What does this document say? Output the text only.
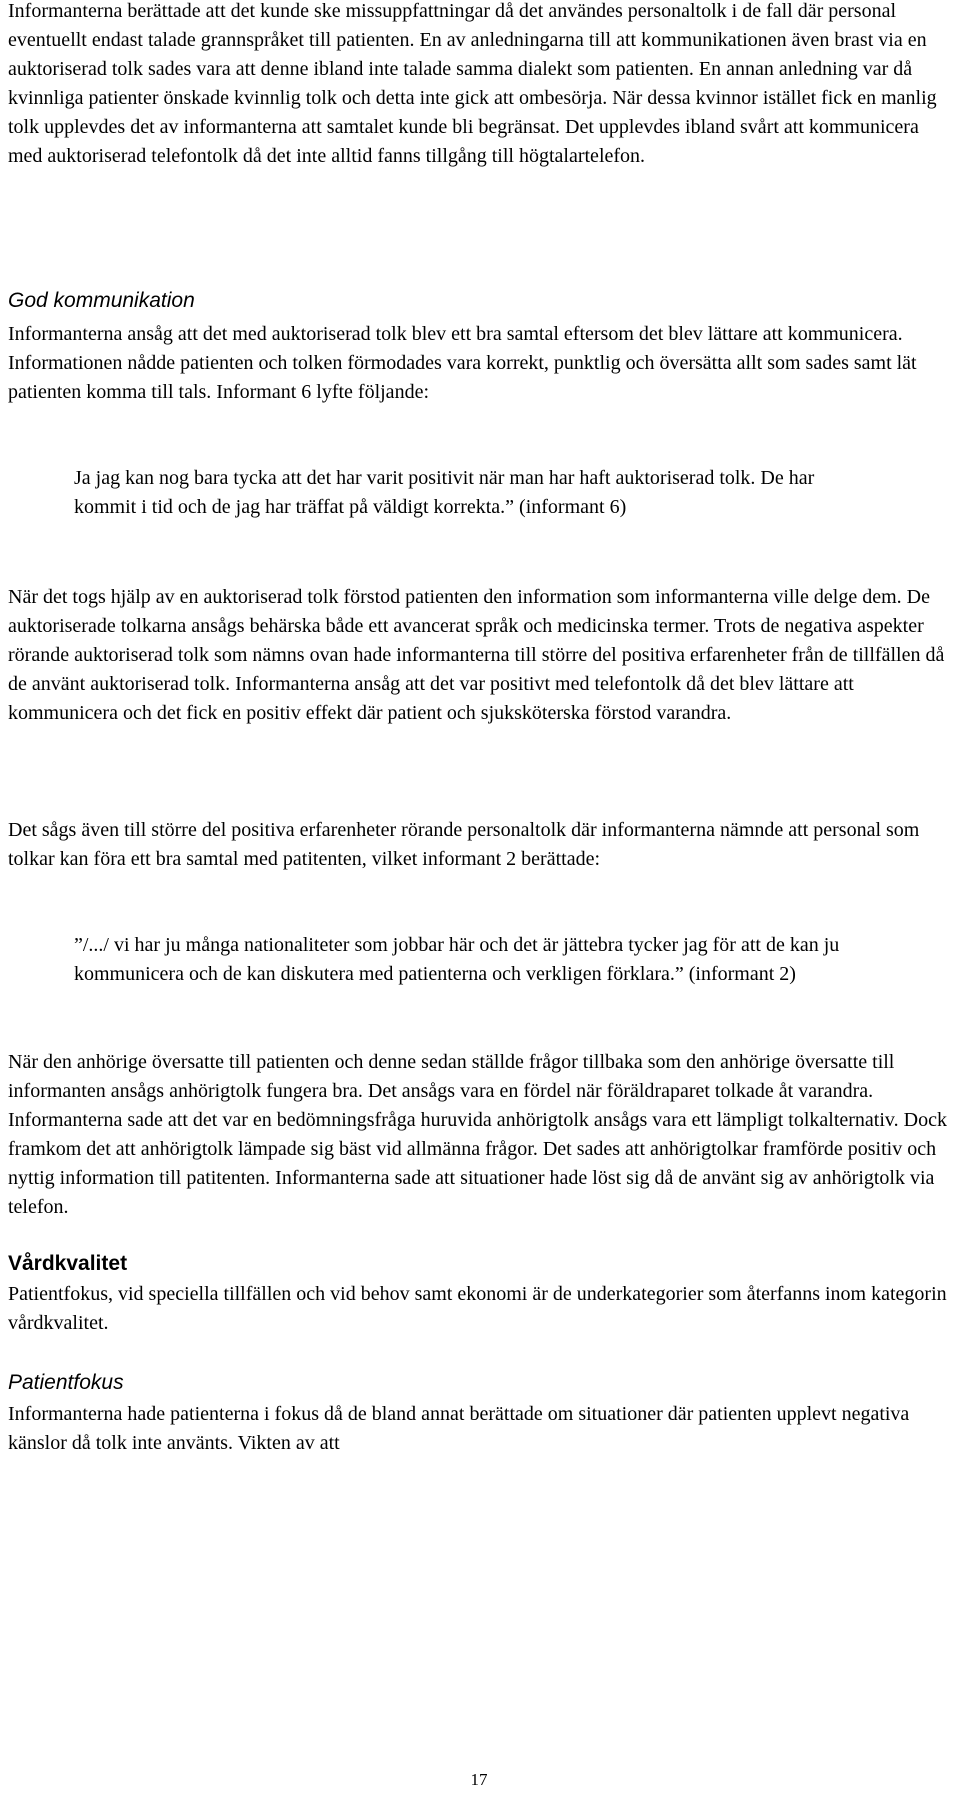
Informanterna berättade att det kunde ske missuppfattningar då det användes personaltolk i de fall där personal eventuellt endast talade grannspråket till patienten. En av anledningarna till att kommunikationen även brast via en auktoriserad tolk sades vara att denne ibland inte talade samma dialekt som patienten. En annan anledning var då kvinnliga patienter önskade kvinnlig tolk och detta inte gick att ombesörja. När dessa kvinnor istället fick en manlig tolk upplevdes det av informanterna att samtalet kunde bli begränsat. Det upplevdes ibland svårt att kommunicera med auktoriserad telefontolk då det inte alltid fanns tillgång till högtalartelefon.

God kommunikation

Informanterna ansåg att det med auktoriserad tolk blev ett bra samtal eftersom det blev lättare att kommunicera. Informationen nådde patienten och tolken förmodades vara korrekt, punktlig och översätta allt som sades samt lät patienten komma till tals. Informant 6 lyfte följande:

Ja jag kan nog bara tycka att det har varit positivit när man har haft auktoriserad tolk. De har kommit i tid och de jag har träffat på väldigt korrekta.” (informant 6)

När det togs hjälp av en auktoriserad tolk förstod patienten den information som informanterna ville delge dem. De auktoriserade tolkarna ansågs behärska både ett avancerat språk och medicinska termer. Trots de negativa aspekter rörande auktoriserad tolk som nämns ovan hade informanterna till större del positiva erfarenheter från de tillfällen då de använt auktoriserad tolk. Informanterna ansåg att det var positivt med telefontolk då det blev lättare att kommunicera och det fick en positiv effekt där patient och sjuksköterska förstod varandra.

Det sågs även till större del positiva erfarenheter rörande personaltolk där informanterna nämnde att personal som tolkar kan föra ett bra samtal med patitenten, vilket informant 2 berättade:

”/.../ vi har ju många nationaliteter som jobbar här och det är jättebra tycker jag för att de kan ju kommunicera och de kan diskutera med patienterna och verkligen förklara.” (informant 2)

När den anhörige översatte till patienten och denne sedan ställde frågor tillbaka som den anhörige översatte till informanten ansågs anhörigtolk fungera bra. Det ansågs vara en fördel när föräldraparet tolkade åt varandra. Informanterna sade att det var en bedömningsfråga huruvida anhörigtolk ansågs vara ett lämpligt tolkalternativ. Dock framkom det att anhörigtolk lämpade sig bäst vid allmänna frågor. Det sades att anhörigtolkar framförde positiv och nyttig information till patitenten. Informanterna sade att situationer hade löst sig då de använt sig av anhörigtolk via telefon.

Vårdkvalitet

Patientfokus, vid speciella tillfällen och vid behov samt ekonomi är de underkategorier som återfanns inom kategorin vårdkvalitet.

Patientfokus

Informanterna hade patienterna i fokus då de bland annat berättade om situationer där patienten upplevt negativa känslor då tolk inte använts. Vikten av att

17
